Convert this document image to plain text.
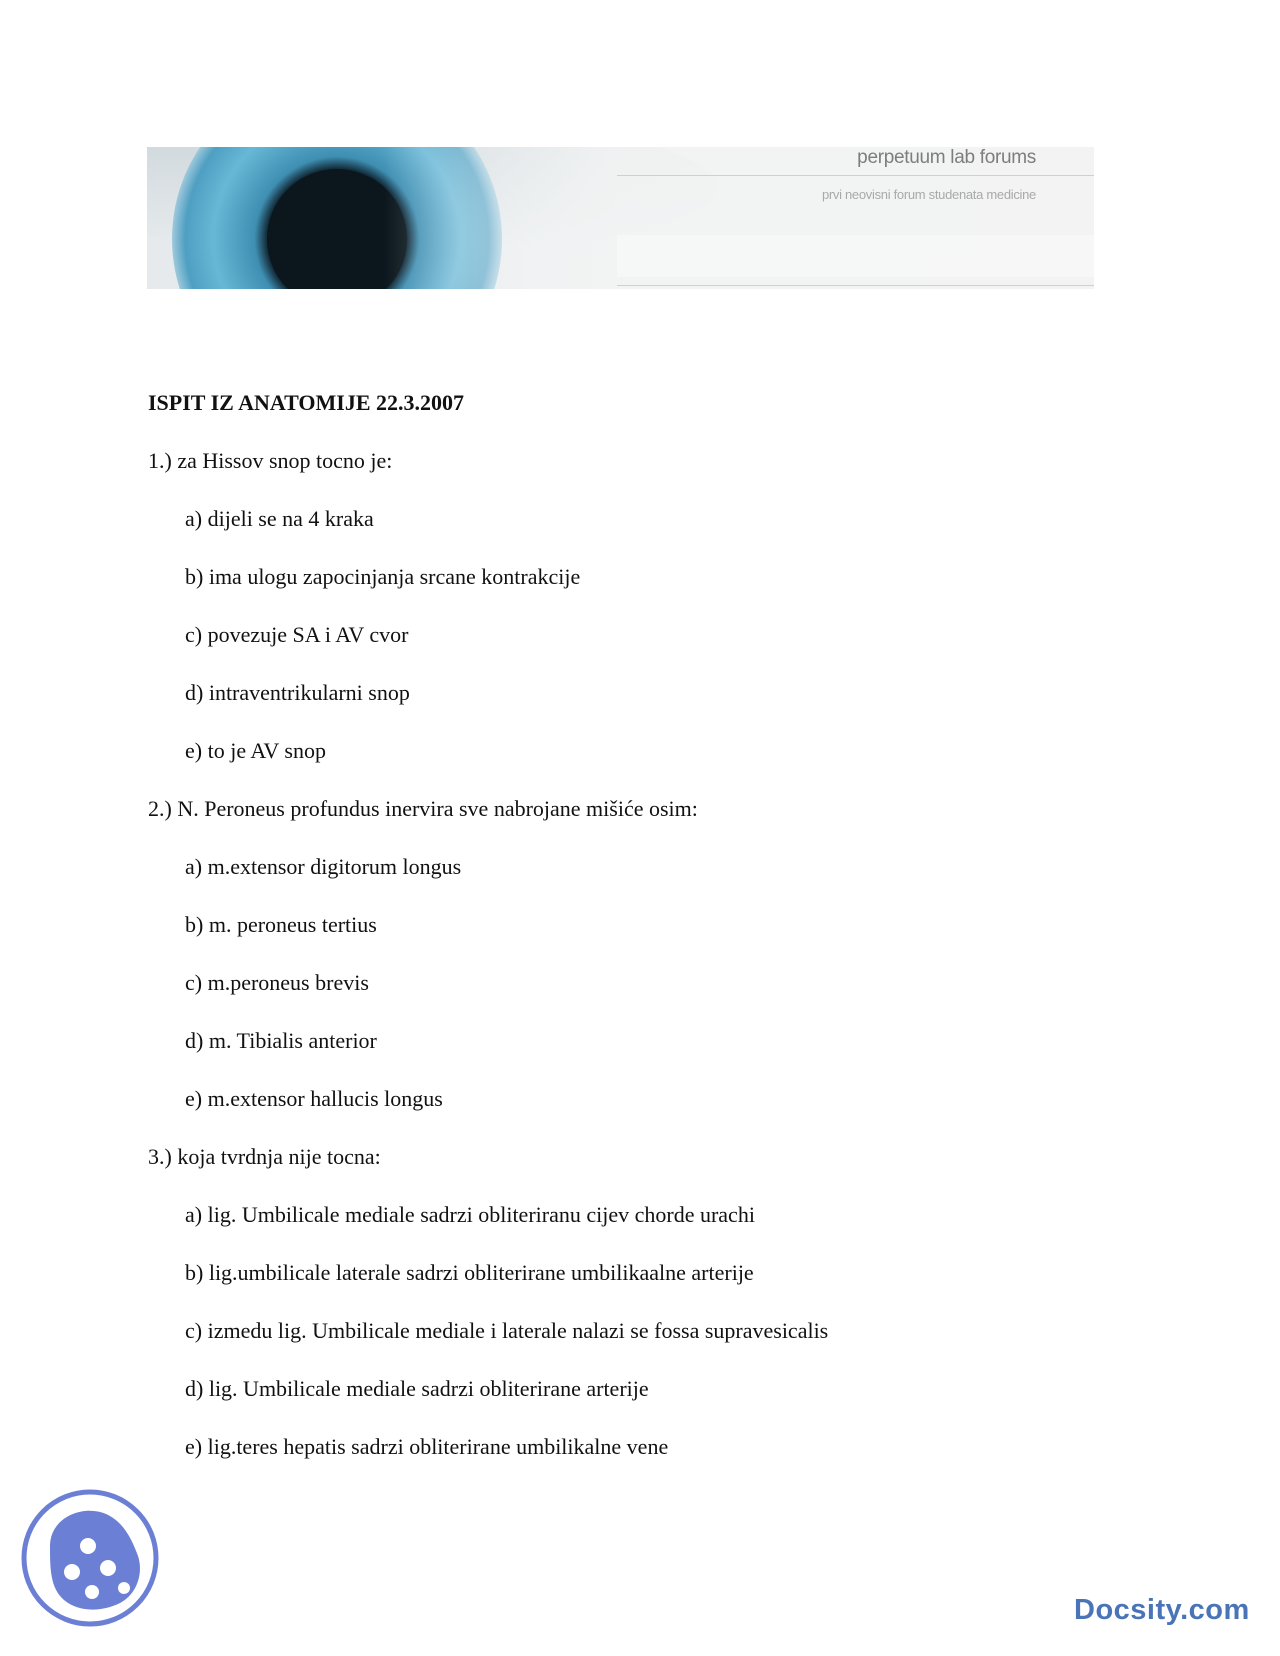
perpetuum lab forums
prvi neovisni forum studenata medicine
ISPIT IZ ANATOMIJE 22.3.2007
1.) za Hissov snop tocno je:
a) dijeli se na 4 kraka
b) ima ulogu zapocinjanja srcane kontrakcije
c) povezuje SA i AV cvor
d) intraventrikularni snop
e) to je AV snop
2.) N. Peroneus profundus inervira sve nabrojane mišiće osim:
a) m.extensor digitorum longus
b) m. peroneus tertius
c) m.peroneus brevis
d) m. Tibialis anterior
e) m.extensor hallucis longus
3.) koja tvrdnja nije tocna:
a) lig. Umbilicale mediale sadrzi obliteriranu cijev chorde urachi
b) lig.umbilicale laterale sadrzi obliterirane umbilikaalne arterije
c) izmedu lig. Umbilicale mediale i laterale nalazi se fossa supravesicalis
d) lig. Umbilicale mediale sadrzi obliterirane arterije
e) lig.teres hepatis sadrzi obliterirane umbilikalne vene
Docsity.com
